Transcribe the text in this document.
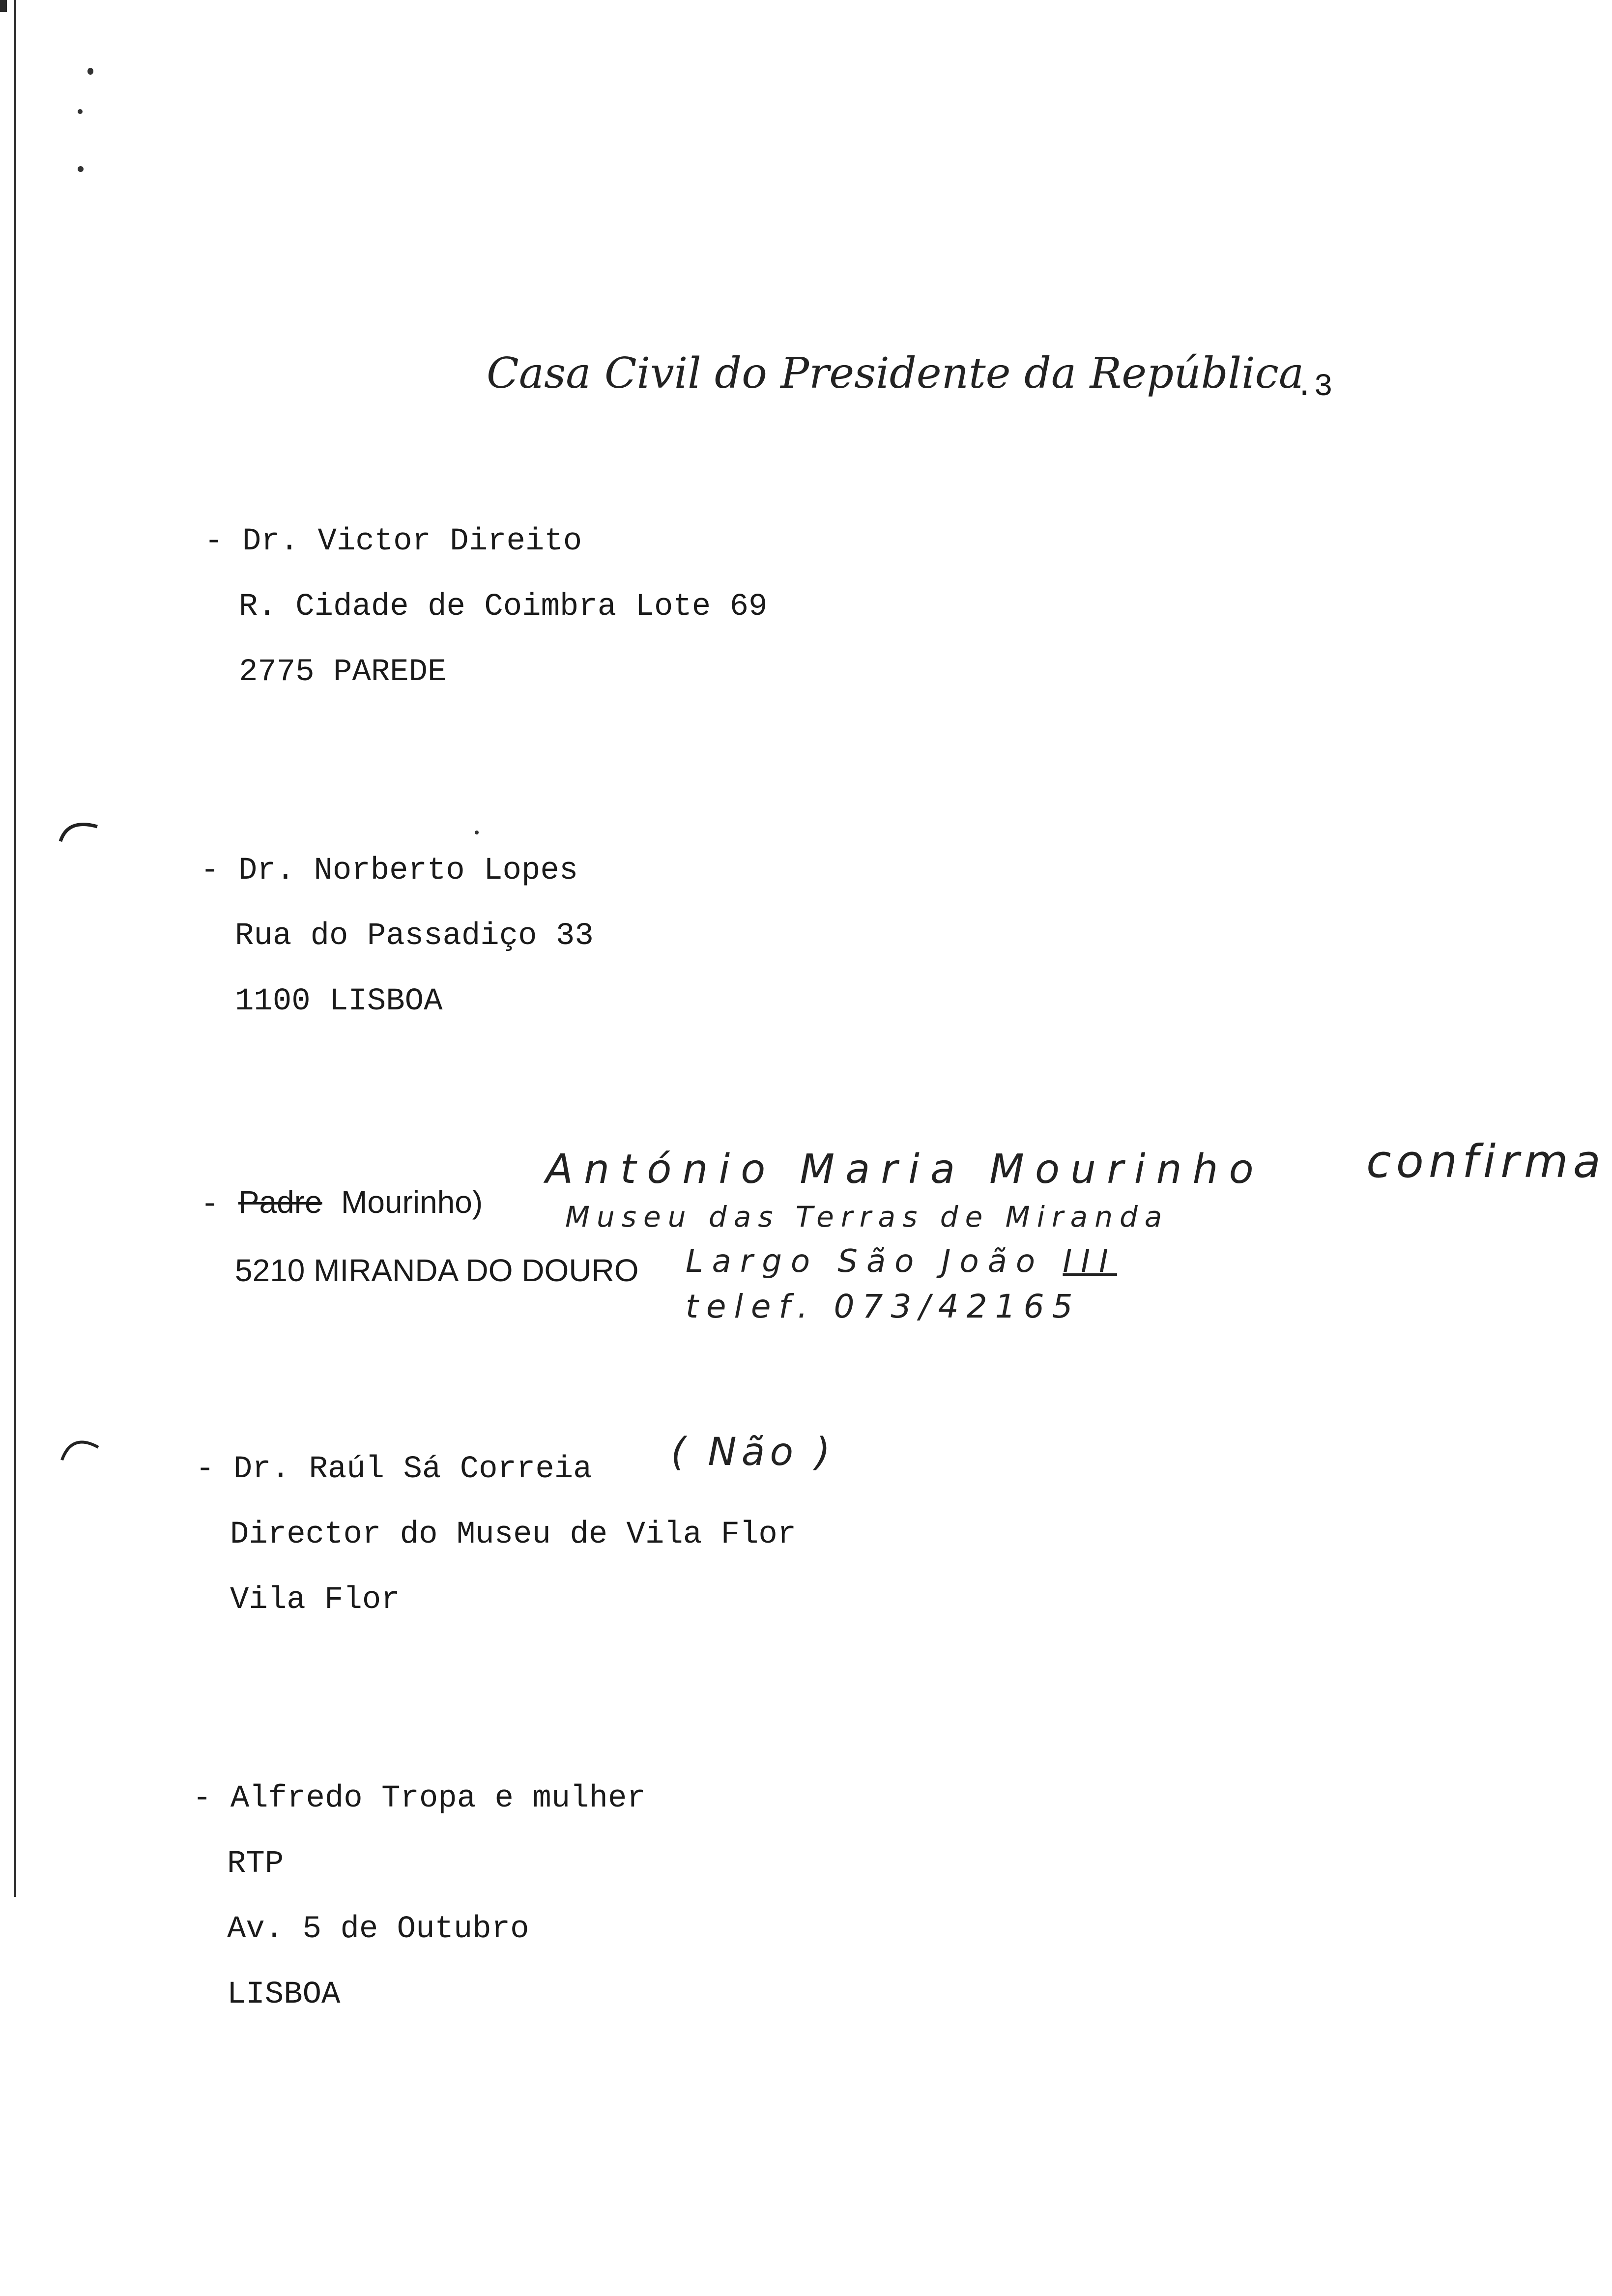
Casa Civil do Presidente da República
.3
- Dr. Victor Direito
R. Cidade de Coimbra Lote 69
2775 PAREDE
- Dr. Norberto Lopes
Rua do Passadiço 33
1100 LISBOA
- Padre Mourinho)
5210 MIRANDA DO DOURO
António Maria Mourinho
Museu das Terras de Miranda
Largo São João III
telef. 073/42165
confirma
- Dr. Raúl Sá Correia
Director do Museu de Vila Flor
Vila Flor
( Não )
- Alfredo Tropa e mulher
RTP
Av. 5 de Outubro
LISBOA
